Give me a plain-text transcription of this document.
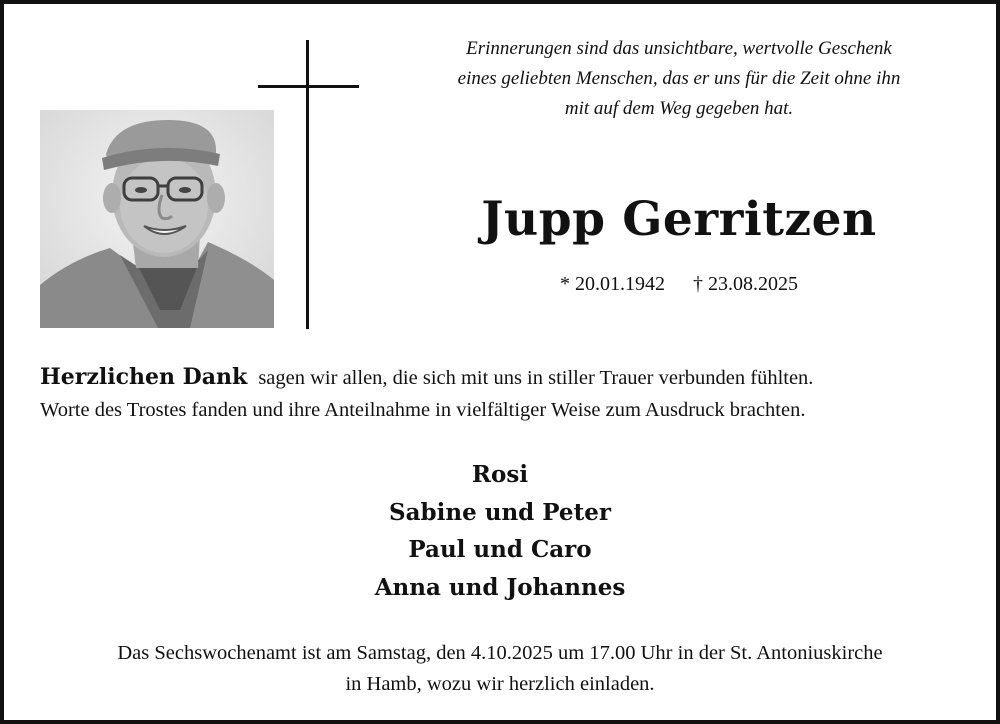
Erinnerungen sind das unsichtbare, wertvolle Geschenk
eines geliebten Menschen, das er uns für die Zeit ohne ihn
mit auf dem Weg gegeben hat.
Jupp Gerritzen
* 20.01.1942 † 23.08.2025
Herzlichen Dank sagen wir allen, die sich mit uns in stiller Trauer verbunden fühlten.
Worte des Trostes fanden und ihre Anteilnahme in vielfältiger Weise zum Ausdruck brachten.
Rosi
Sabine und Peter
Paul und Caro
Anna und Johannes
Das Sechswochenamt ist am Samstag, den 4.10.2025 um 17.00 Uhr in der St. Antoniuskirche
in Hamb, wozu wir herzlich einladen.
